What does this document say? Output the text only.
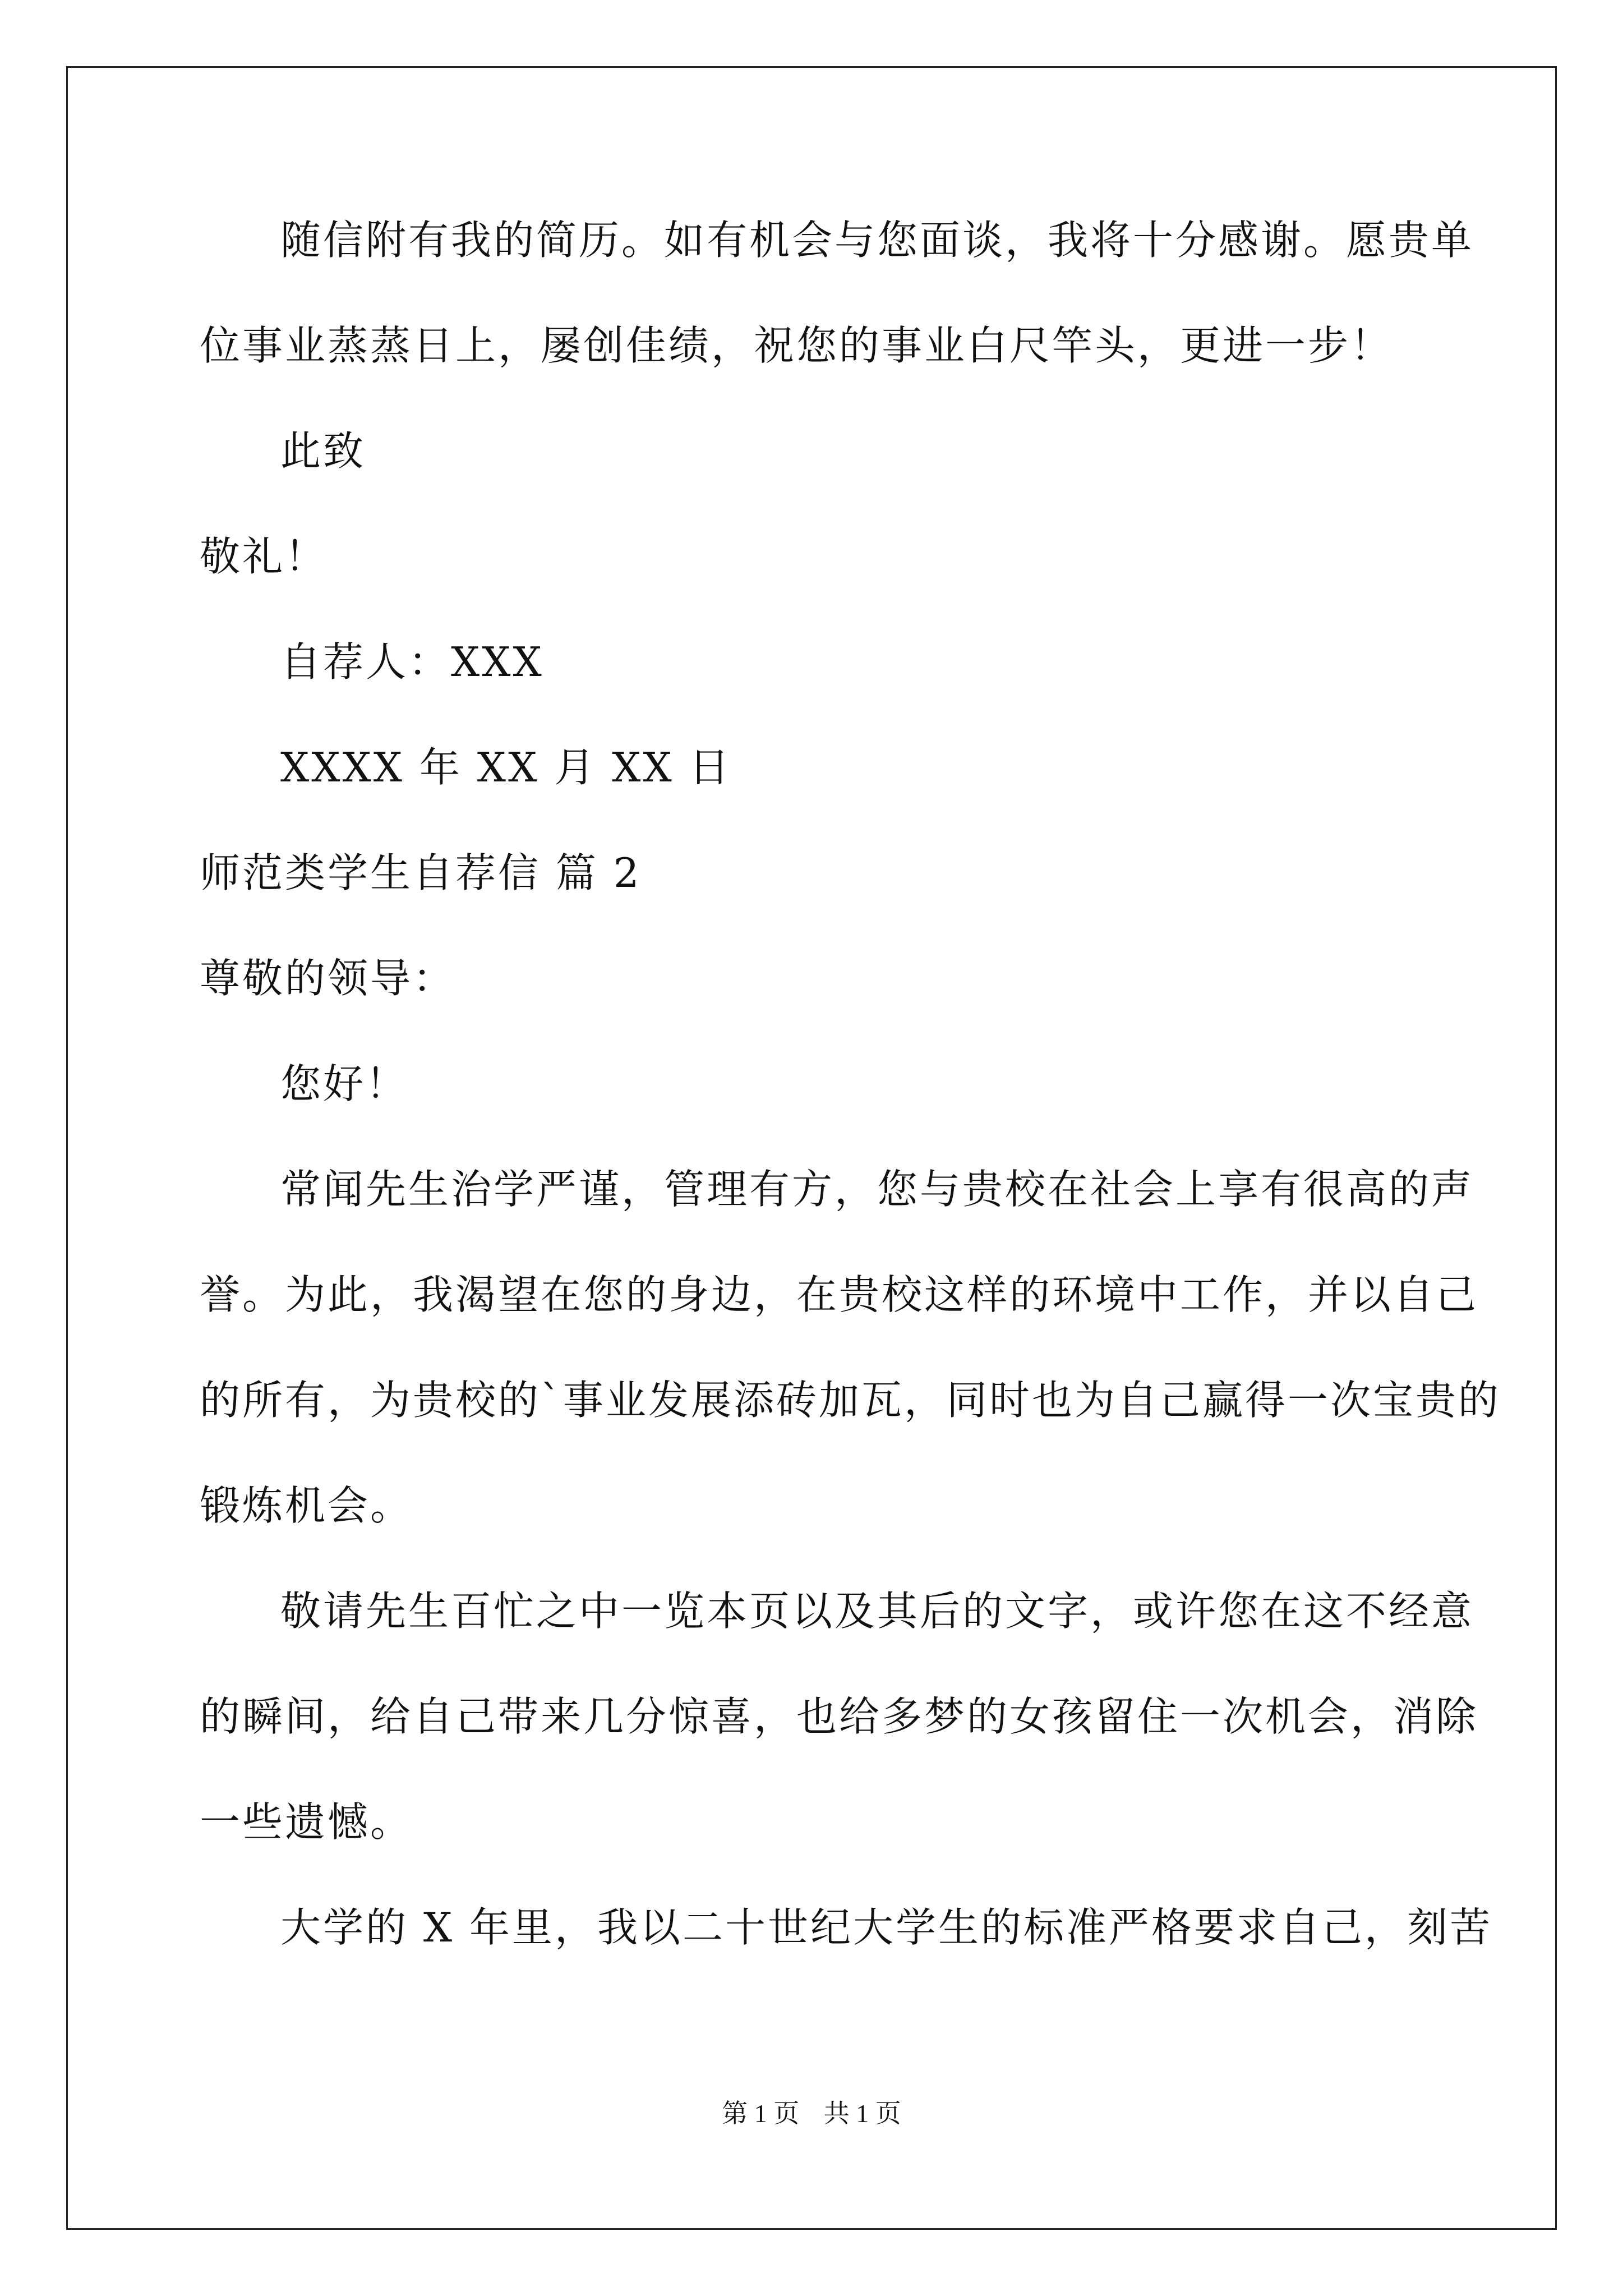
随信附有我的简历。如有机会与您面谈，我将十分感谢。愿贵单
位事业蒸蒸日上，屡创佳绩，祝您的事业白尺竿头，更进一步！
此致
敬礼！
自荐人：XXX
XXXX 年 XX 月 XX 日
师范类学生自荐信 篇 2
尊敬的领导：
您好！
常闻先生治学严谨，管理有方，您与贵校在社会上享有很高的声
誉。为此，我渴望在您的身边，在贵校这样的环境中工作，并以自己
的所有，为贵校的`事业发展添砖加瓦，同时也为自己赢得一次宝贵的
锻炼机会。
敬请先生百忙之中一览本页以及其后的文字，或许您在这不经意
的瞬间，给自己带来几分惊喜，也给多梦的女孩留住一次机会，消除
一些遗憾。
大学的 X 年里，我以二十世纪大学生的标准严格要求自己，刻苦
第 1 页 共 1 页
